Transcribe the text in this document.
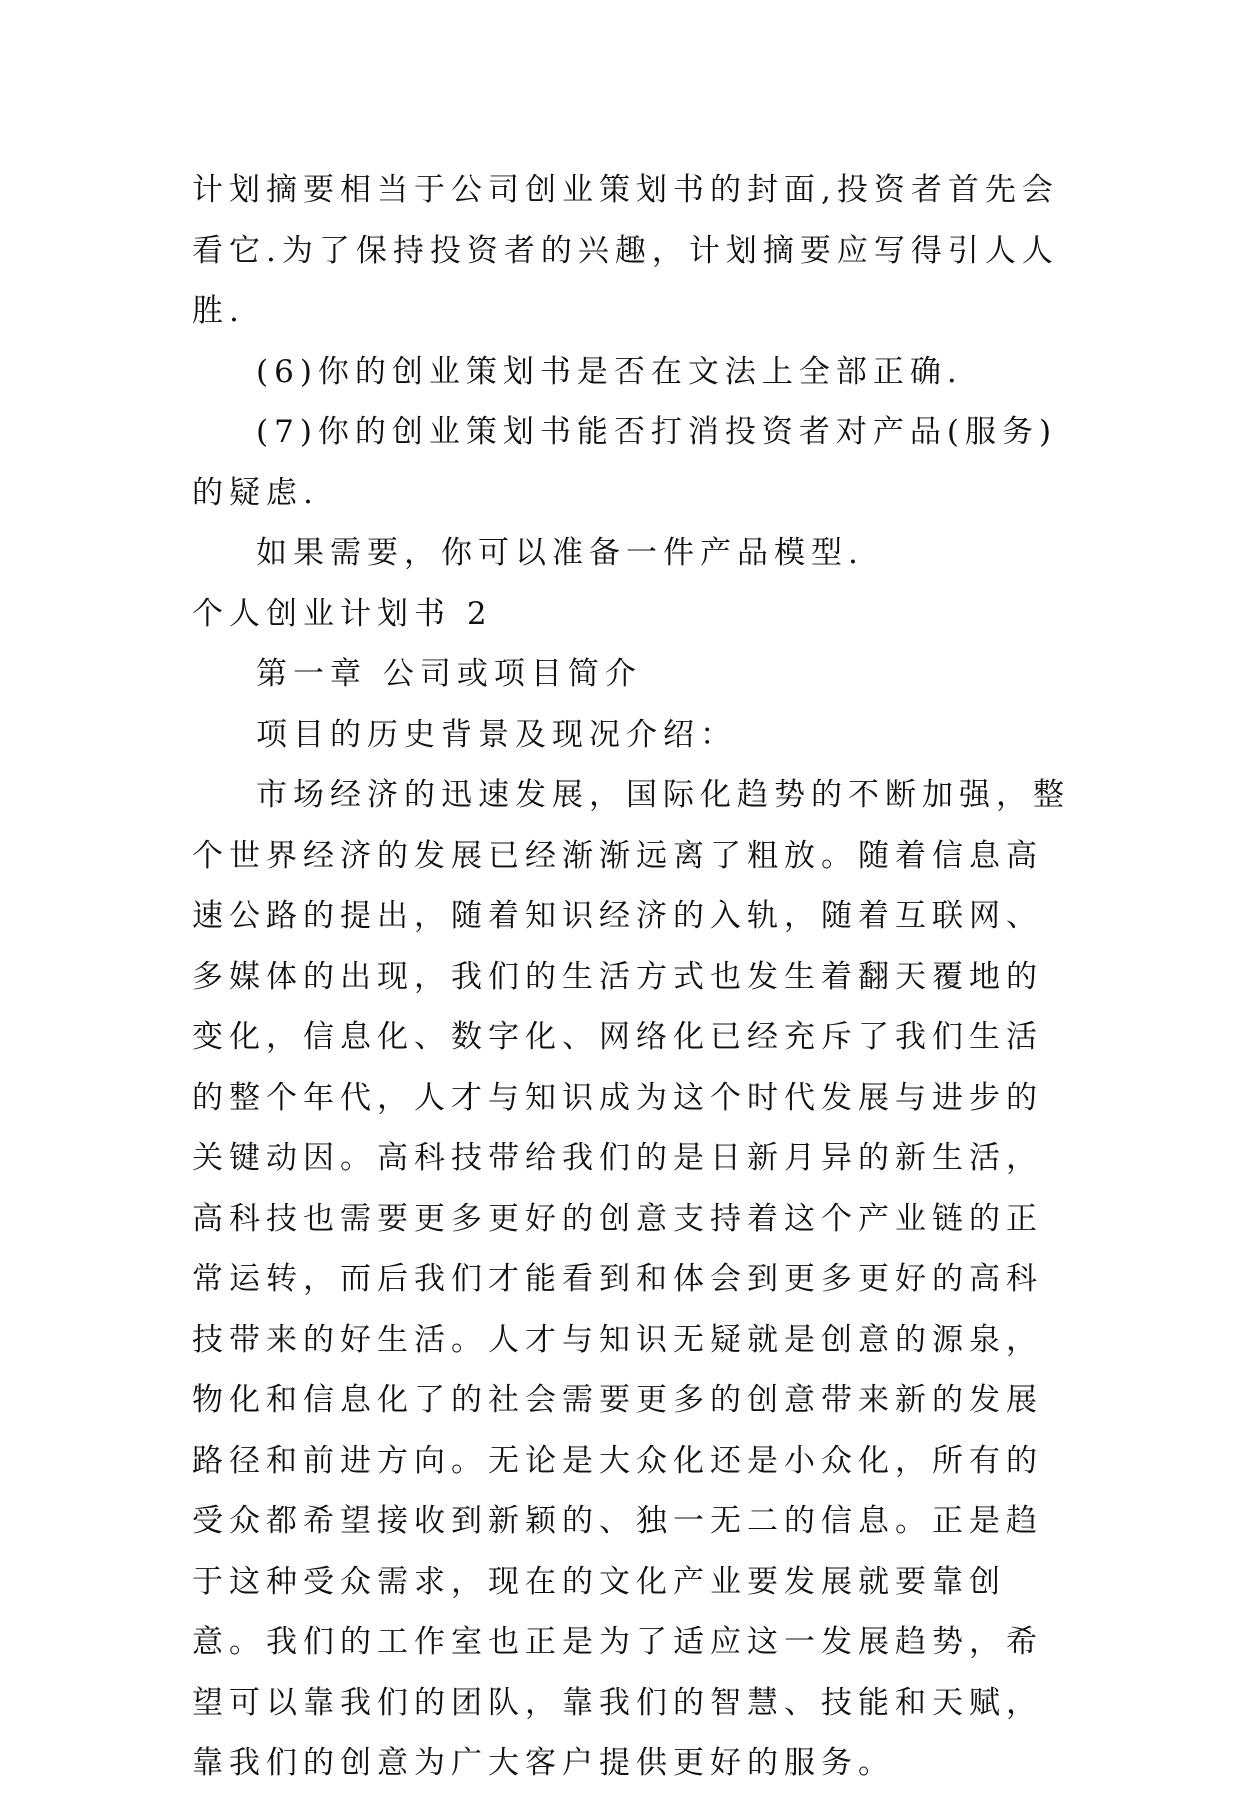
计划摘要相当于公司创业策划书的封面,投资者首先会看它.为了保持投资者的兴趣，计划摘要应写得引人人胜.

(6)你的创业策划书是否在文法上全部正确.

(7)你的创业策划书能否打消投资者对产品(服务)的疑虑.

如果需要，你可以准备一件产品模型.

个人创业计划书 2

第一章 公司或项目简介

项目的历史背景及现况介绍：

市场经济的迅速发展，国际化趋势的不断加强，整个世界经济的发展已经渐渐远离了粗放。随着信息高速公路的提出，随着知识经济的入轨，随着互联网、多媒体的出现，我们的生活方式也发生着翻天覆地的变化，信息化、数字化、网络化已经充斥了我们生活的整个年代，人才与知识成为这个时代发展与进步的关键动因。高科技带给我们的是日新月异的新生活，高科技也需要更多更好的创意支持着这个产业链的正常运转，而后我们才能看到和体会到更多更好的高科技带来的好生活。人才与知识无疑就是创意的源泉，物化和信息化了的社会需要更多的创意带来新的发展路径和前进方向。无论是大众化还是小众化，所有的受众都希望接收到新颖的、独一无二的信息。正是趋于这种受众需求，现在的文化产业要发展就要靠创意。我们的工作室也正是为了适应这一发展趋势，希望可以靠我们的团队，靠我们的智慧、技能和天赋，靠我们的创意为广大客户提供更好的服务。
